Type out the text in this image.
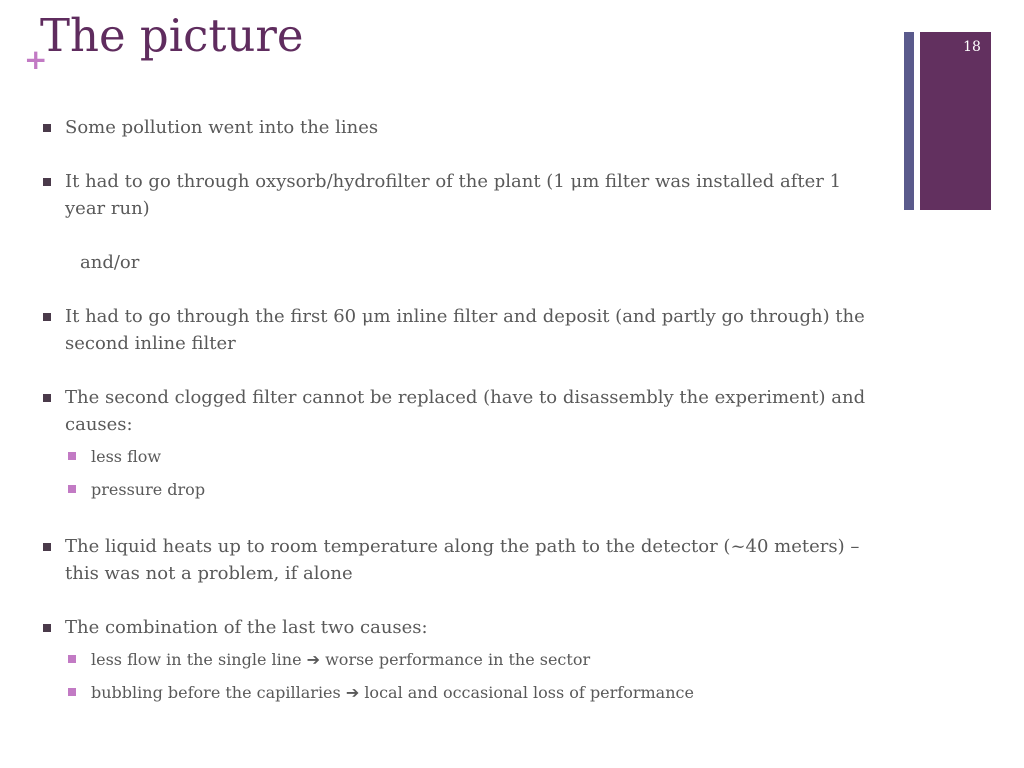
+
The picture	18
Some pollution went into the lines
It had to go through oxysorb/hydrofilter of the plant (1 μm filter was installed after 1 year run)
and/or
It had to go through the first 60 μm inline filter and deposit (and partly go through) the second inline filter
The second clogged filter cannot be replaced (have to disassembly the experiment) and causes:
less flow
pressure drop
The liquid heats up to room temperature along the path to the detector (~40 meters) – this was not a problem, if alone
The combination of the last two causes:
less flow in the single line ➔ worse performance in the sector
bubbling before the capillaries ➔ local and occasional loss of performance
